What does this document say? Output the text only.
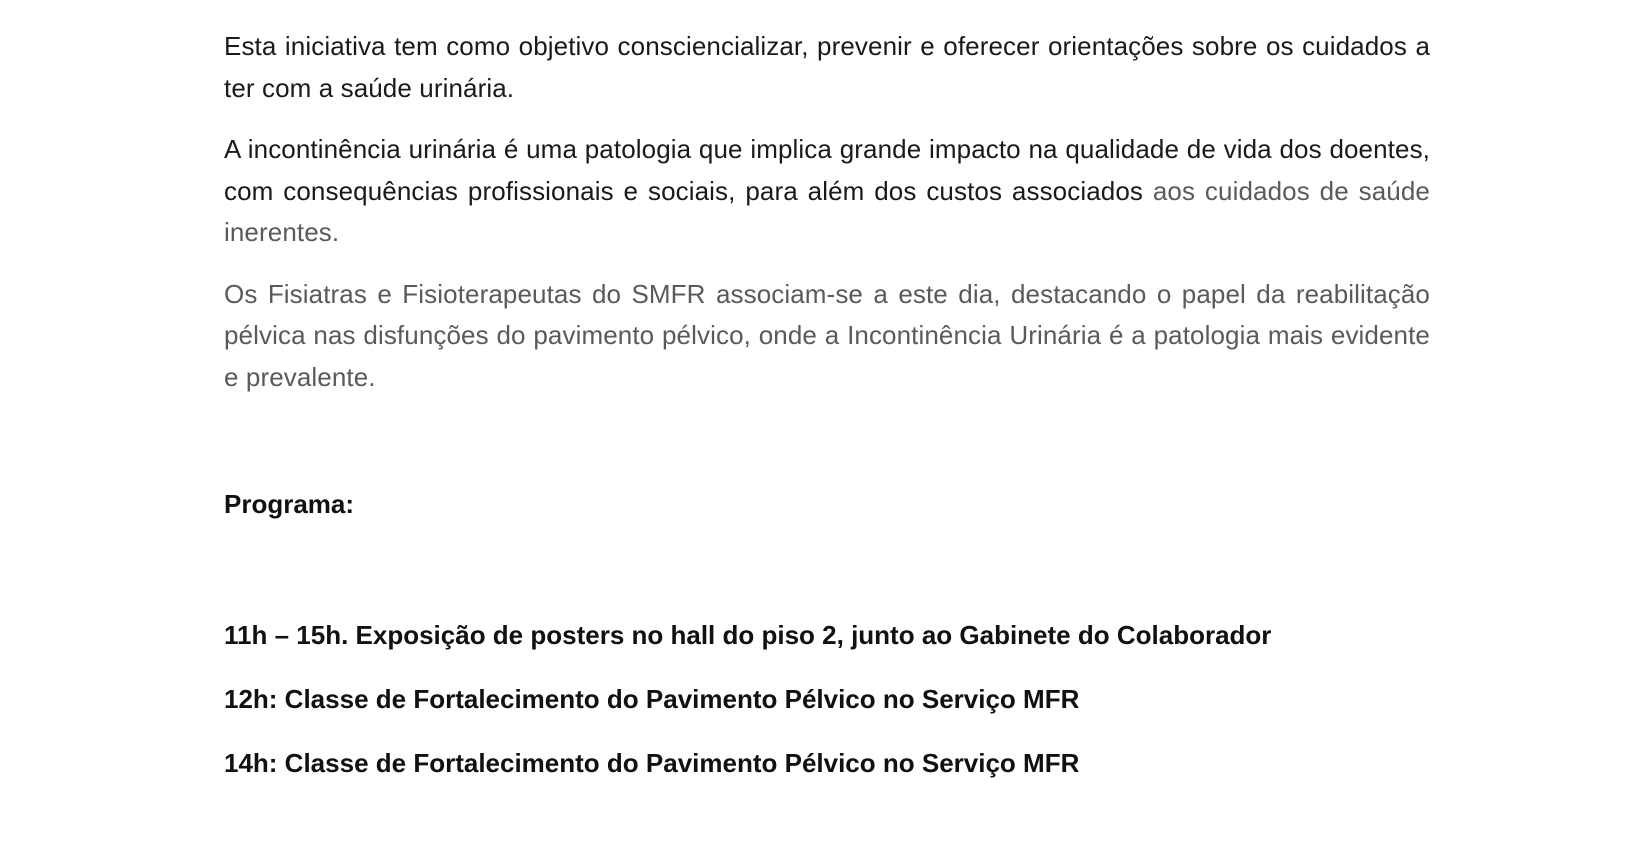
Esta iniciativa tem como objetivo consciencializar, prevenir e oferecer orientações sobre os cuidados a ter com a saúde urinária.

A incontinência urinária é uma patologia que implica grande impacto na qualidade de vida dos doentes, com consequências profissionais e sociais, para além dos custos associados aos cuidados de saúde inerentes.

Os Fisiatras e Fisioterapeutas do SMFR associam-se a este dia, destacando o papel da reabilitação pélvica nas disfunções do pavimento pélvico, onde a Incontinência Urinária é a patologia mais evidente e prevalente.

Programa:

11h – 15h. Exposição de posters no hall do piso 2, junto ao Gabinete do Colaborador

12h: Classe de Fortalecimento do Pavimento Pélvico no Serviço MFR

14h: Classe de Fortalecimento do Pavimento Pélvico no Serviço MFR
